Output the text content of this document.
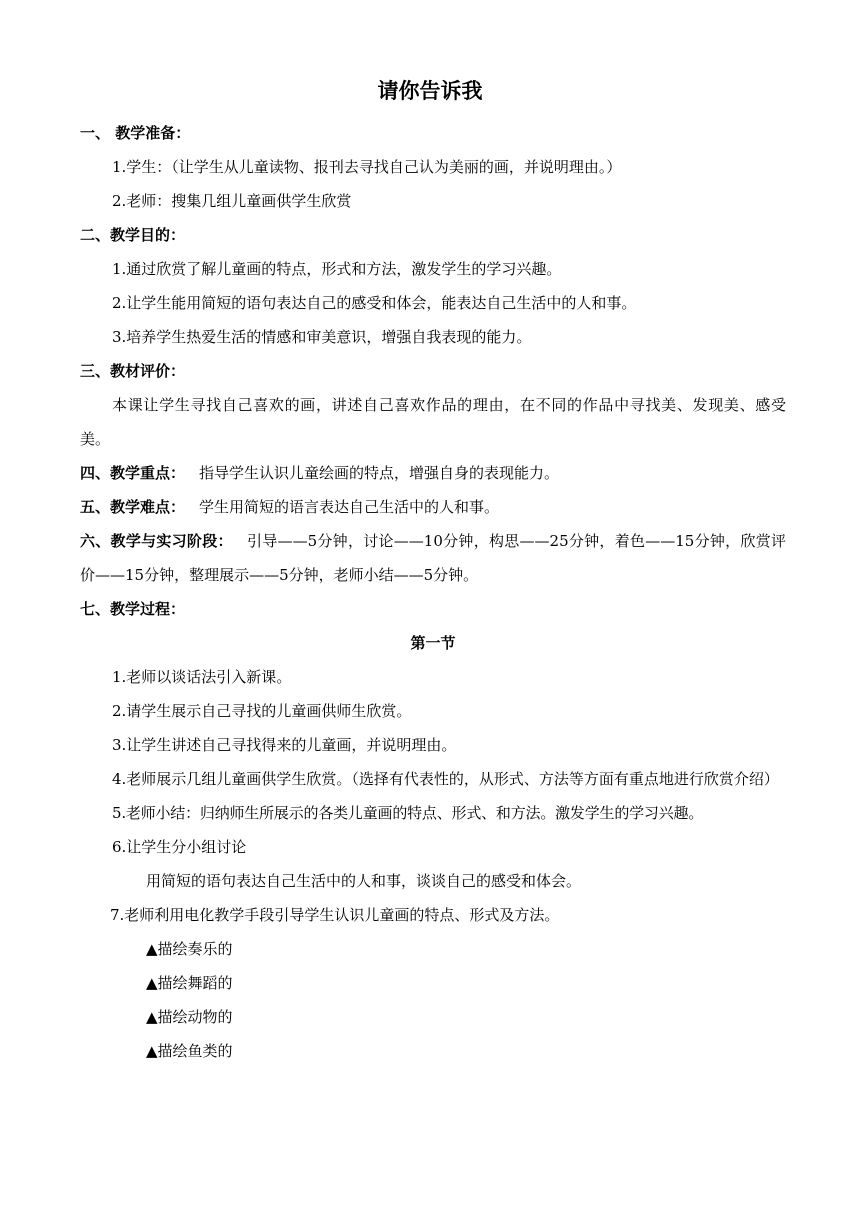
请你告诉我
一、 教学准备：
1.学生：（让学生从儿童读物、报刊去寻找自己认为美丽的画，并说明理由。）
2.老师：搜集几组儿童画供学生欣赏
二、教学目的：
1.通过欣赏了解儿童画的特点，形式和方法，激发学生的学习兴趣。
2.让学生能用简短的语句表达自己的感受和体会，能表达自己生活中的人和事。
3.培养学生热爱生活的情感和审美意识，增强自我表现的能力。
三、教材评价：
本课让学生寻找自己喜欢的画，讲述自己喜欢作品的理由，在不同的作品中寻找美、发现美、感受美。
四、教学重点： 指导学生认识儿童绘画的特点，增强自身的表现能力。
五、教学难点： 学生用简短的语言表达自己生活中的人和事。
六、教学与实习阶段： 引导——5分钟，讨论——10分钟，构思——25分钟，着色——15分钟，欣赏评价——15分钟，整理展示——5分钟，老师小结——5分钟。
七、教学过程：
第一节
1.老师以谈话法引入新课。
2.请学生展示自己寻找的儿童画供师生欣赏。
3.让学生讲述自己寻找得来的儿童画，并说明理由。
4.老师展示几组儿童画供学生欣赏。（选择有代表性的，从形式、方法等方面有重点地进行欣赏介绍）
5.老师小结：归纳师生所展示的各类儿童画的特点、形式、和方法。激发学生的学习兴趣。
6.让学生分小组讨论
用简短的语句表达自己生活中的人和事，谈谈自己的感受和体会。
7.老师利用电化教学手段引导学生认识儿童画的特点、形式及方法。
▲描绘奏乐的
▲描绘舞蹈的
▲描绘动物的
▲描绘鱼类的
